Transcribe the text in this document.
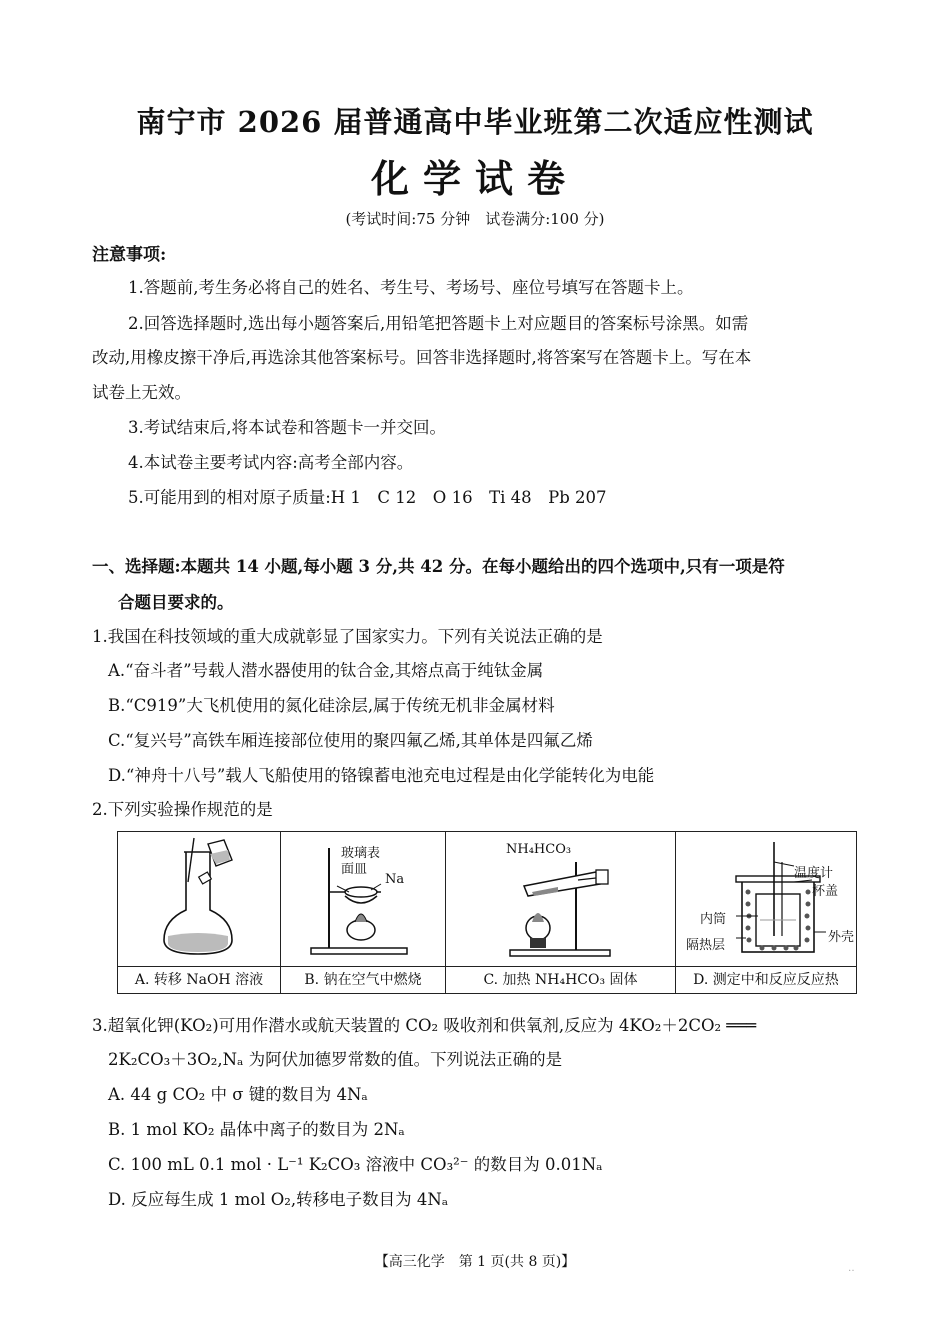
南宁市 2026 届普通高中毕业班第二次适应性测试
化学试卷
(考试时间:75 分钟　试卷满分:100 分)
注意事项:
1.答题前,考生务必将自己的姓名、考生号、考场号、座位号填写在答题卡上。
2.回答选择题时,选出每小题答案后,用铅笔把答题卡上对应题目的答案标号涂黑。如需
改动,用橡皮擦干净后,再选涂其他答案标号。回答非选择题时,将答案写在答题卡上。写在本
试卷上无效。
3.考试结束后,将本试卷和答题卡一并交回。
4.本试卷主要考试内容:高考全部内容。
5.可能用到的相对原子质量:H 1　C 12　O 16　Ti 48　Pb 207
一、选择题:本题共 14 小题,每小题 3 分,共 42 分。在每小题给出的四个选项中,只有一项是符
合题目要求的。
1.我国在科技领域的重大成就彰显了国家实力。下列有关说法正确的是
A.“奋斗者”号载人潜水器使用的钛合金,其熔点高于纯钛金属
B.“C919”大飞机使用的氮化硅涂层,属于传统无机非金属材料
C.“复兴号”高铁车厢连接部位使用的聚四氟乙烯,其单体是四氟乙烯
D.“神舟十八号”载人飞船使用的铬镍蓄电池充电过程是由化学能转化为电能
2.下列实验操作规范的是
A. 转移 NaOH 溶液

玻璃表
面皿
Na
B. 钠在空气中燃烧

NH₄HCO₃
C. 加热 NH₄HCO₃ 固体

温度计
杯盖
内筒
外壳
隔热层
D. 测定中和反应反应热
3.超氧化钾(KO₂)可用作潜水或航天装置的 CO₂ 吸收剂和供氧剂,反应为 4KO₂＋2CO₂ ═══
2K₂CO₃＋3O₂,Nₐ 为阿伏加德罗常数的值。下列说法正确的是
A. 44 g CO₂ 中 σ 键的数目为 4Nₐ
B. 1 mol KO₂ 晶体中离子的数目为 2Nₐ
C. 100 mL 0.1 mol · L⁻¹ K₂CO₃ 溶液中 CO₃²⁻ 的数目为 0.01Nₐ
D. 反应每生成 1 mol O₂,转移电子数目为 4Nₐ
【高三化学　第 1 页(共 8 页)】	‥
